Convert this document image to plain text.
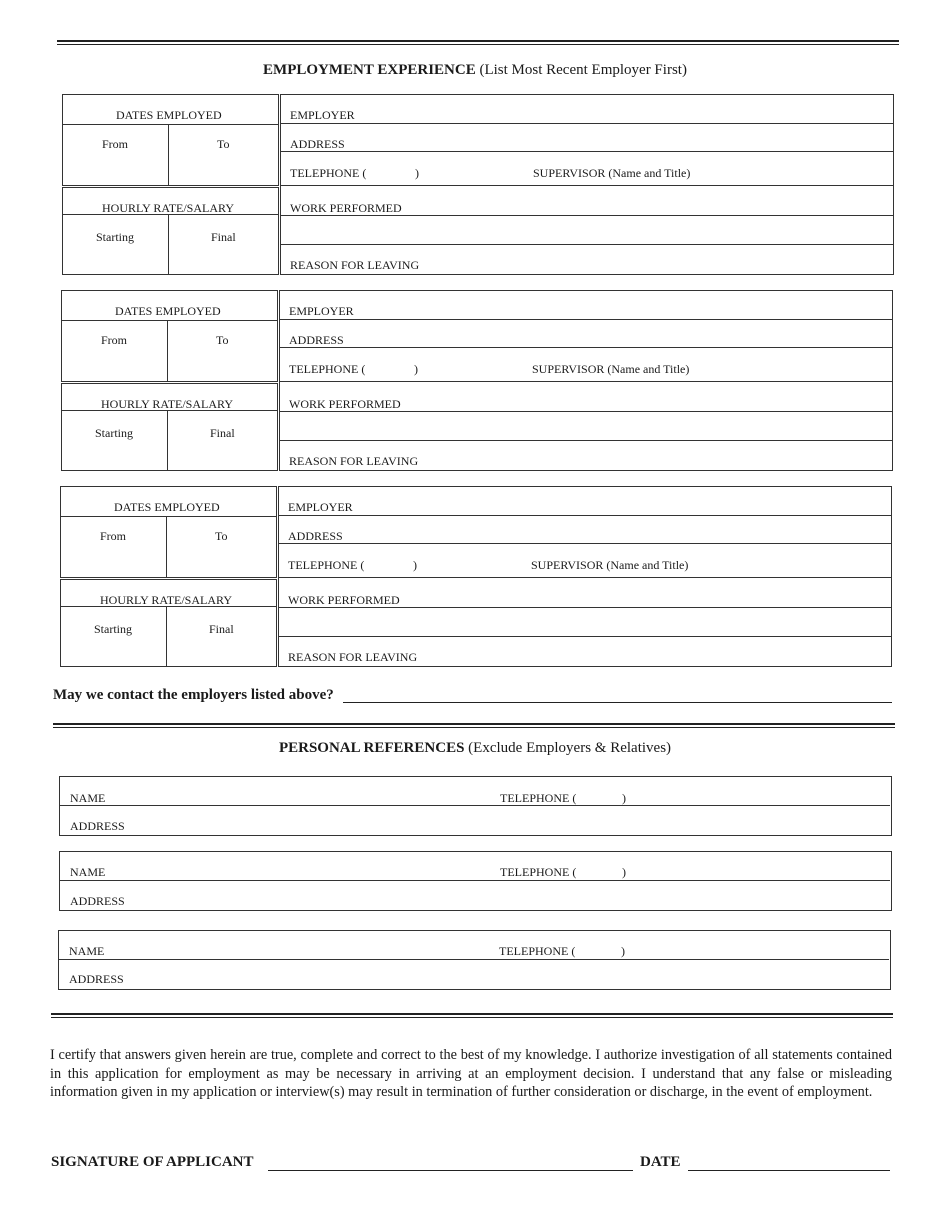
EMPLOYMENT EXPERIENCE (List Most Recent Employer First)
DATES EMPLOYED
From	To
HOURLY RATE/SALARY
Starting	Final
EMPLOYER
ADDRESS
TELEPHONE (	)	SUPERVISOR (Name and Title)
WORK PERFORMED
REASON FOR LEAVING
DATES EMPLOYED
From	To
HOURLY RATE/SALARY
Starting	Final
EMPLOYER
ADDRESS
TELEPHONE (	)	SUPERVISOR (Name and Title)
WORK PERFORMED
REASON FOR LEAVING
DATES EMPLOYED
From	To
HOURLY RATE/SALARY
Starting	Final
EMPLOYER
ADDRESS
TELEPHONE (	)	SUPERVISOR (Name and Title)
WORK PERFORMED
REASON FOR LEAVING
May we contact the employers listed above?
PERSONAL REFERENCES (Exclude Employers & Relatives)
NAME	TELEPHONE (	)
ADDRESS
NAME	TELEPHONE (	)
ADDRESS
NAME	TELEPHONE (	)
ADDRESS
I certify that answers given herein are true, complete and correct to the best of my knowledge. I authorize investigation of all statements contained in this application for employment as may be necessary in arriving at an employment decision. I understand that any false or misleading information given in my application or interview(s) may result in termination of further consideration or discharge, in the event of employment.
SIGNATURE OF APPLICANT	DATE
